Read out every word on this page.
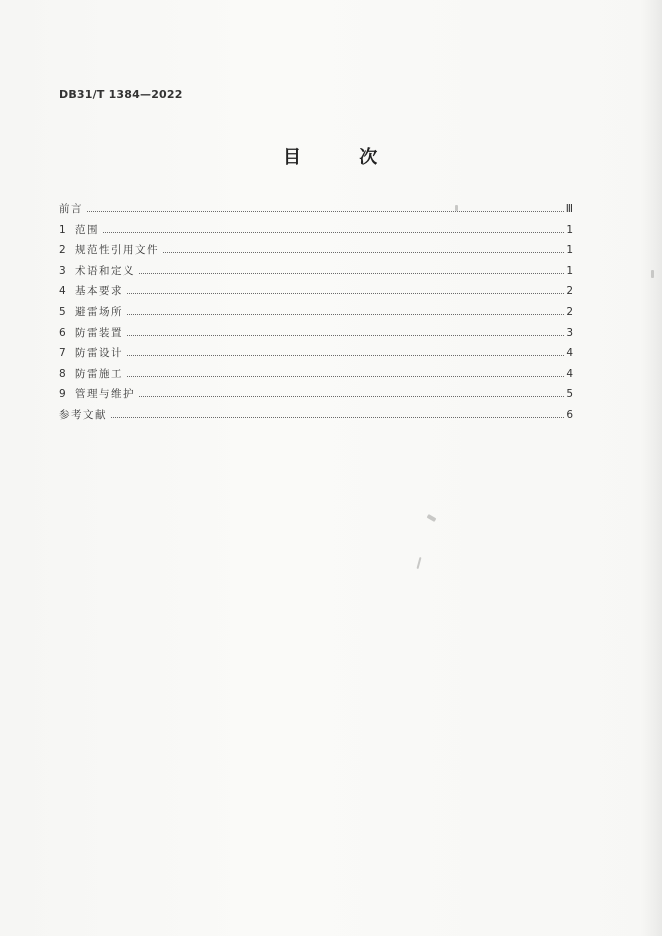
DB31/T 1384—2022
目 次
前言	Ⅲ
1 范围	1
2 规范性引用文件	1
3 术语和定义	1
4 基本要求	2
5 避雷场所	2
6 防雷装置	3
7 防雷设计	4
8 防雷施工	4
9 管理与维护	5
参考文献	6
